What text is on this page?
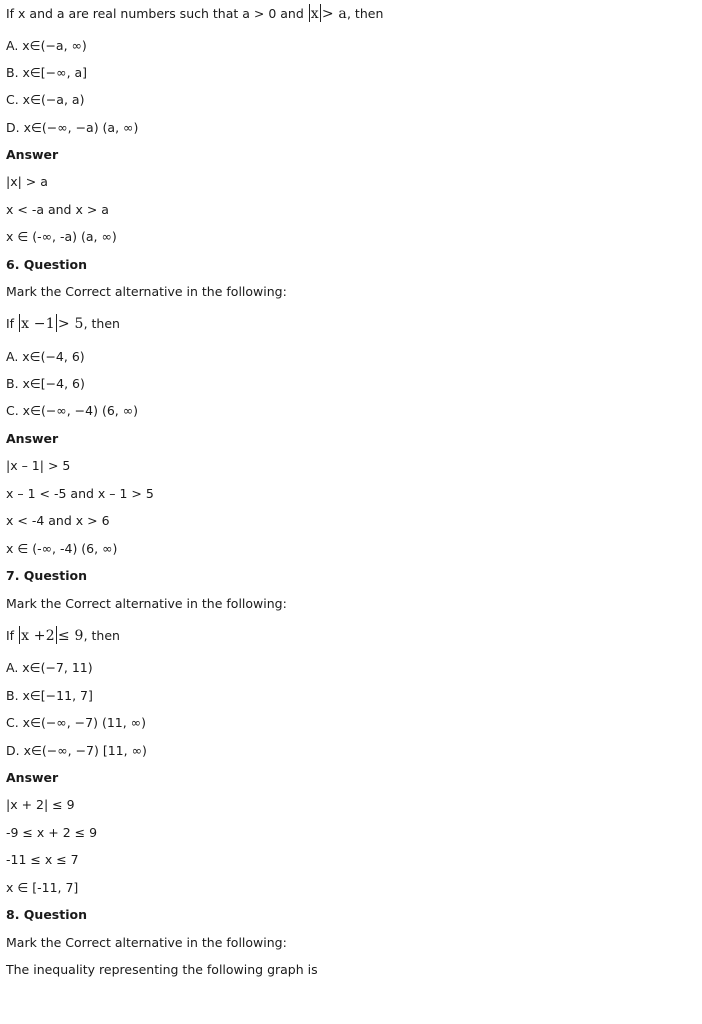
If x and a are real numbers such that a > 0 and x > a, then
A. x∈(−a, ∞)
B. x∈[−∞, a]
C. x∈(−a, a)
D. x∈(−∞, −a) (a, ∞)
Answer
|x| > a
x < -a and x > a
x ∈ (-∞, -a) (a, ∞)
6. Question
Mark the Correct alternative in the following:
If x −1 > 5, then
A. x∈(−4, 6)
B. x∈[−4, 6)
C. x∈(−∞, −4) (6, ∞)
Answer
|x – 1| > 5
x – 1 < -5 and x – 1 > 5
x < -4 and x > 6
x ∈ (-∞, -4) (6, ∞)
7. Question
Mark the Correct alternative in the following:
If x +2 ≤ 9, then
A. x∈(−7, 11)
B. x∈[−11, 7]
C. x∈(−∞, −7) (11, ∞)
D. x∈(−∞, −7) [11, ∞)
Answer
|x + 2| ≤ 9
-9 ≤ x + 2 ≤ 9
-11 ≤ x ≤ 7
x ∈ [-11, 7]
8. Question
Mark the Correct alternative in the following:
The inequality representing the following graph is
